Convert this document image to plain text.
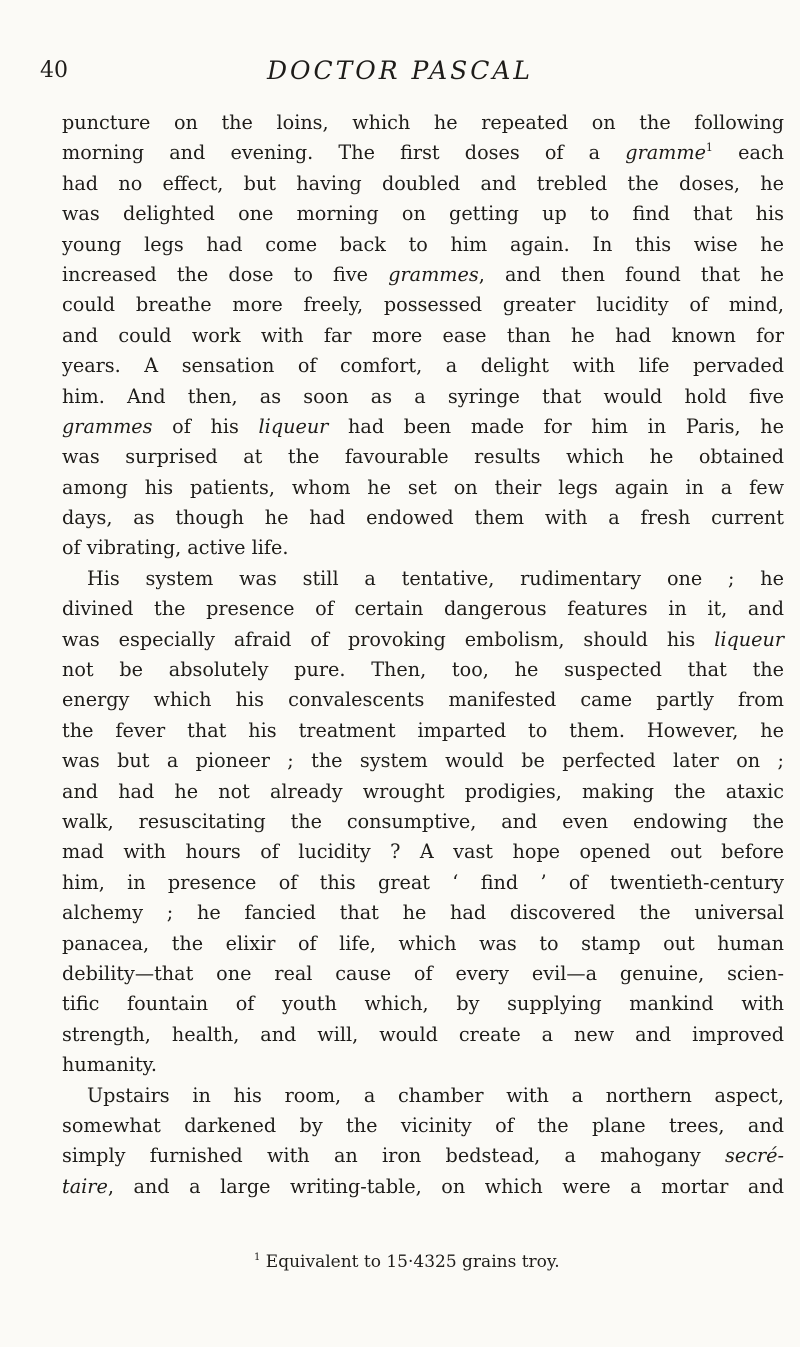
40	DOCTOR PASCAL
puncture on the loins, which he repeated on the following
morning and evening. The first doses of a gramme$^1$ each
had no effect, but having doubled and trebled the doses, he
was delighted one morning on getting up to find that his
young legs had come back to him again. In this wise he
increased the dose to five grammes, and then found that he
could breathe more freely, possessed greater lucidity of mind,
and could work with far more ease than he had known for
years. A sensation of comfort, a delight with life pervaded
him. And then, as soon as a syringe that would hold five
grammes of his liqueur had been made for him in Paris, he
was surprised at the favourable results which he obtained
among his patients, whom he set on their legs again in a few
days, as though he had endowed them with a fresh current
of vibrating, active life.
His system was still a tentative, rudimentary one ; he
divined the presence of certain dangerous features in it, and
was especially afraid of provoking embolism, should his liqueur
not be absolutely pure. Then, too, he suspected that the
energy which his convalescents manifested came partly from
the fever that his treatment imparted to them. However, he
was but a pioneer ; the system would be perfected later on ;
and had he not already wrought prodigies, making the ataxic
walk, resuscitating the consumptive, and even endowing the
mad with hours of lucidity ? A vast hope opened out before
him, in presence of this great ‘ find ’ of twentieth-century
alchemy ; he fancied that he had discovered the universal
panacea, the elixir of life, which was to stamp out human
debility—that one real cause of every evil—a genuine, scien-
tific fountain of youth which, by supplying mankind with
strength, health, and will, would create a new and improved
humanity.
Upstairs in his room, a chamber with a northern aspect,
somewhat darkened by the vicinity of the plane trees, and
simply furnished with an iron bedstead, a mahogany secré-
taire, and a large writing-table, on which were a mortar and
$^1$ Equivalent to 15·4325 grains troy.
